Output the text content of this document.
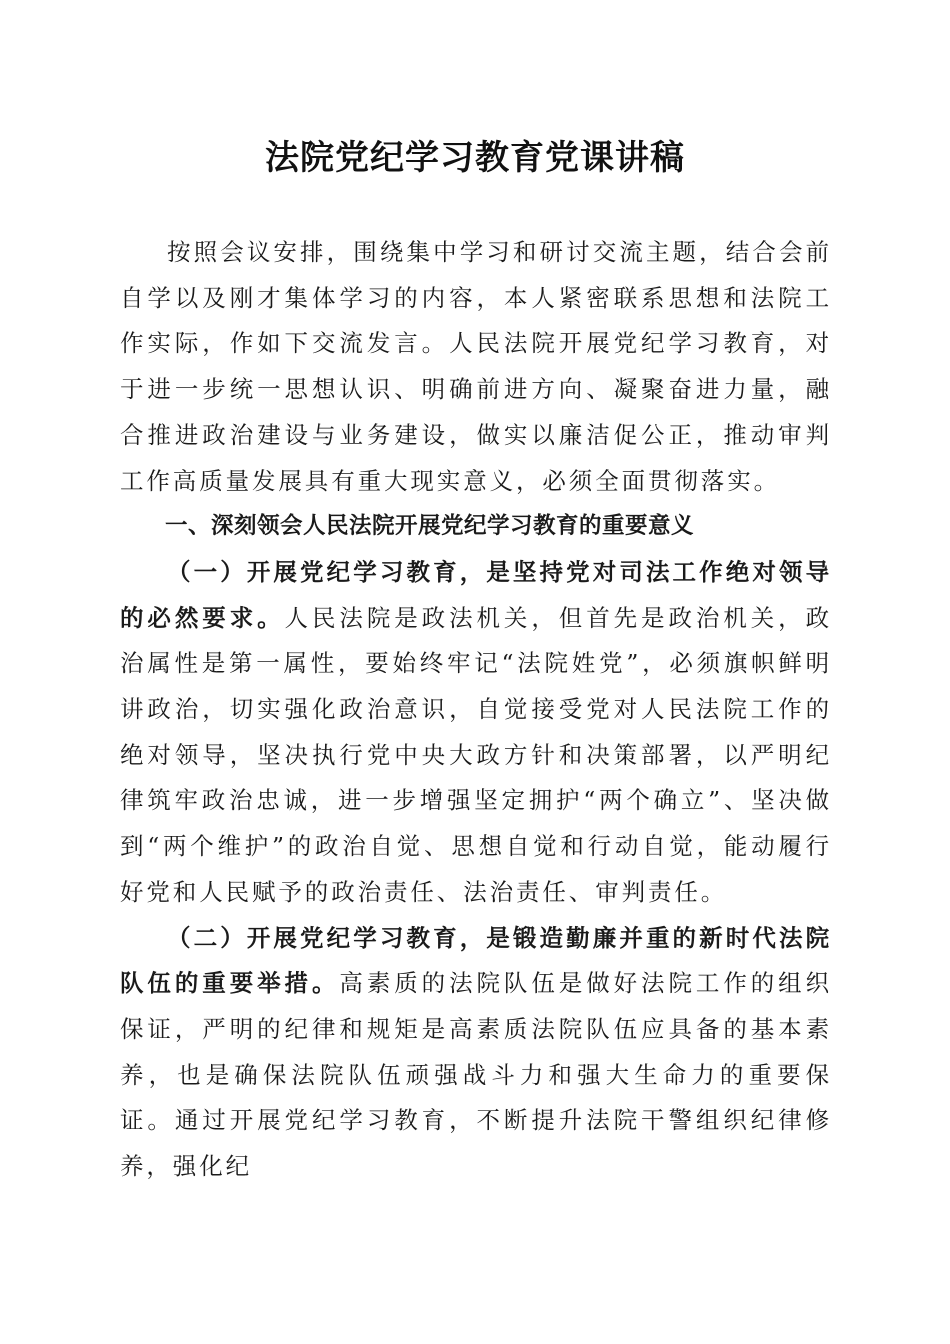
法院党纪学习教育党课讲稿

按照会议安排，围绕集中学习和研讨交流主题，结合会前自学以及刚才集体学习的内容，本人紧密联系思想和法院工作实际，作如下交流发言。人民法院开展党纪学习教育，对于进一步统一思想认识、明确前进方向、凝聚奋进力量，融合推进政治建设与业务建设，做实以廉洁促公正，推动审判工作高质量发展具有重大现实意义，必须全面贯彻落实。

一、深刻领会人民法院开展党纪学习教育的重要意义

（一）开展党纪学习教育，是坚持党对司法工作绝对领导的必然要求。人民法院是政法机关，但首先是政治机关，政治属性是第一属性，要始终牢记“法院姓党”，必须旗帜鲜明讲政治，切实强化政治意识，自觉接受党对人民法院工作的绝对领导，坚决执行党中央大政方针和决策部署，以严明纪律筑牢政治忠诚，进一步增强坚定拥护“两个确立”、坚决做到“两个维护”的政治自觉、思想自觉和行动自觉，能动履行好党和人民赋予的政治责任、法治责任、审判责任。

（二）开展党纪学习教育，是锻造勤廉并重的新时代法院队伍的重要举措。高素质的法院队伍是做好法院工作的组织保证，严明的纪律和规矩是高素质法院队伍应具备的基本素养，也是确保法院队伍顽强战斗力和强大生命力的重要保证。通过开展党纪学习教育，不断提升法院干警组织纪律修养，强化纪
